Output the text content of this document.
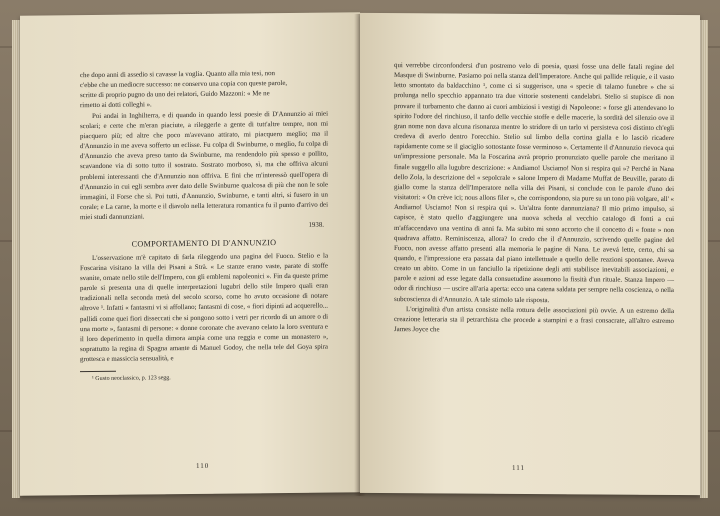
che dopo anni di assedio si cavasse la voglia. Quanto alla mia tesi, non

c'ebbe che un mediocre successo: ne conservo una copia con queste parole,

scritte di proprio pugno da uno dei relatori, Guido Mazzoni: « Me ne

rimetto ai dotti colleghi ».

Poi andai in Inghilterra, e di quando in quando lessi poesie di D'Annunzio ai miei scolari; e certe che m'eran piaciute, a rileggerle a gente di tutt'altre tempre, non mi piacquero più; ed altre che poco m'avevano attirato, mi piacquero meglio; ma il d'Annunzio in me aveva sofferto un eclisse. Fu colpa di Swinburne, o meglio, fu colpa di d'Annunzio che aveva preso tanto da Swinburne, ma rendendolo più spesso e pollito, scavandone via di sotto tutto il sostrato. Sostrato morboso, sì, ma che offriva alcuni problemi interessanti che d'Annunzio non offriva. E fini che m'interessò quell'opera di d'Annunzio in cui egli sembra aver dato delle Swinburne qualcosa di più che non le sole immagini, il Forse che sì. Poi tutti, d'Annunzio, Swinburne, e tanti altri, si fusero in un corale; e La carne, la morte e il diavolo nella letteratura romantica fu il punto d'arrivo dei miei studi dannunziani.

1938.

COMPORTAMENTO DI D'ANNUNZIO

L'osservazione m'è capitato di farla rileggendo una pagina del Fuoco. Stelio e la Foscarina visitano la villa dei Pisani a Strà. « Le stanze erano vaste, parate di stoffe svanite, ornate nello stile dell'Impero, con gli emblemi napoleonici ». Fin da queste prime parole si presenta una di quelle interpretazioni lugubri dello stile Impero quali eran tradizionali nella seconda metà del secolo scorso, come ho avuto occasione di notare altrove ¹. Infatti « fantasmi vi si affollano; fantasmi di cose, « fiori dipinti ad acquerello... pallidi come quei fiori disseccati che si pongono sotto i vetri per ricordo di un amore o di una morte », fantasmi di persone: « donne coronate che avevano celato la loro sventura e il loro deperimento in quella dimora ampia come una reggia e come un monastero », soprattutto la regina di Spagna amante di Manuel Godoy, che nella tele del Goya spira grottesca e massiccia sensualità, e

¹ Gusto neoclassico, p. 123 segg.

110

qui verrebbe circonfondersi d'un postremo velo di poesia, quasi fosse una delle fatali regine del Masque di Swinburne. Pasiamo poi nella stanza dell'Imperatore. Anche qui pallide reliquie, e il vasto letto smontato da baldacchino ¹, come ci si suggerisce, una « specie di talamo funebre » che si prolunga nello specchio appannato tra due vittorie sostenenti candelabri. Stelio si stupisce di non provare il turbamento che danno ai cuori ambiziosi i vestigi di Napoleone: « forse gli attendevano lo spirito l'odore del rinchiuso, il tanfo delle vecchie stoffe e delle macerie, la sordità del silenzio ove il gran nome non dava alcuna risonanza mentre lo stridore di un tarlo vi persisteva così distinto ch'egli credeva di averlo dentro l'orecchio. Stelio sul limbo della cortina gialla e lo lasciò ricadere rapidamente come se il giaciglio sottostante fosse verminoso ». Certamente il d'Annunzio rievoca qui un'impressione personale. Ma la Foscarina avrà proprio pronunziato quelle parole che meritano il finale suggello alla lugubre descrizione: « Andiamo! Usciamo! Non si respira qui »? Perché in Nana dello Zola, la descrizione del « sepolcrale » salone Impero di Madame Muffat de Beuville, parato di giallo come la stanza dell'Imperatore nella villa dei Pisani, si conclude con le parole d'uno dei visitatori: « On crève ici; nous allons filer », che corrispondono, sia pure su un tono più volgare, all' « Andiamo! Usciamo! Non si respira qui ». Un'altra fonte dannunziana? Il mio primo impulso, si capisce, è stato quello d'aggiungere una nuova scheda al vecchio catalogo di fonti a cui m'affaccendavo una ventina di anni fa. Ma subito mi sono accorto che il concetto di « fonte » non quadrava affatto. Reminiscenza, allora? Io credo che il d'Annunzio, scrivendo quelle pagine del Fuoco, non avesse affatto presenti alla memoria le pagine di Nana. Le avevá lette, certo, chi sa quando, e l'impressione era passata dal piano intellettuale a quello delle reazioni spontanee. Aveva creato un abito. Come in un fanciullo la ripetizione degli atti stabilisce inevitabili associazioni, e parole e azioni ad esse legate dalla consuetudine assumono la fissità d'un rituale. Stanza Impero — odor di rinchiuso — uscire all'aria aperta: ecco una catena saldata per sempre nella coscienza, o nella subcoscienza di d'Annunzio. A tale stimolo tale risposta.

L'originalità d'un artista consiste nella rottura delle associazioni più ovvie. A un estremo della creazione letteraria sta il petrarchista che procede a stampini e a frasi consacrate, all'altro estremo James Joyce che

111
